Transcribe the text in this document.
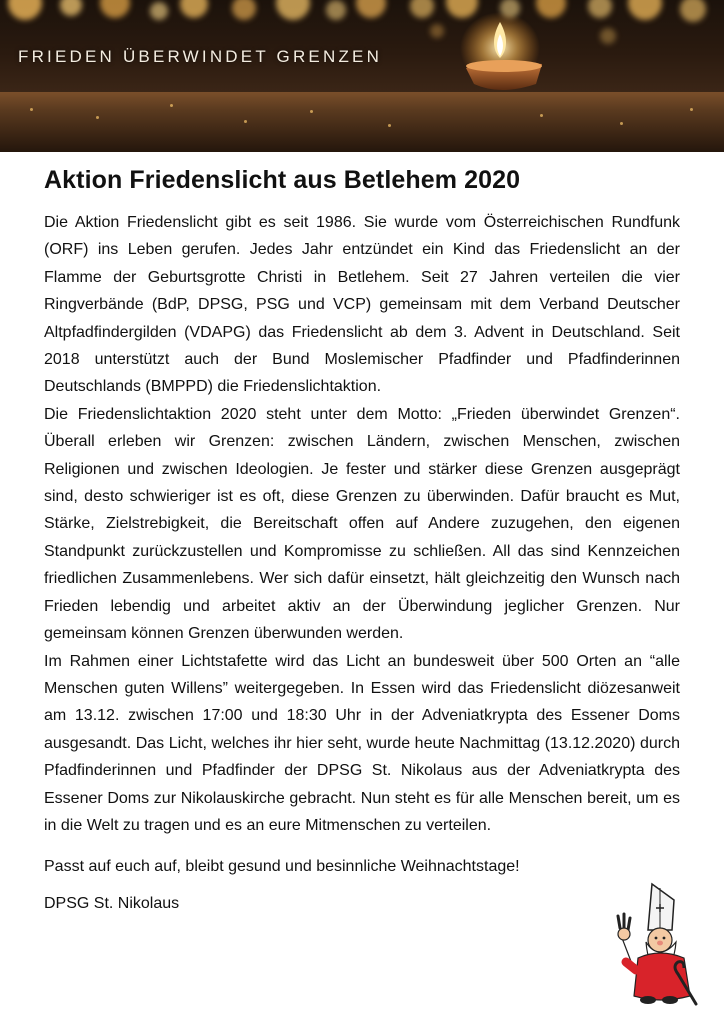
FRIEDEN ÜBERWINDET GRENZEN
Aktion Friedenslicht aus Betlehem 2020

Die Aktion Friedenslicht gibt es seit 1986. Sie wurde vom Österreichischen Rundfunk (ORF) ins Leben gerufen. Jedes Jahr entzündet ein Kind das Friedenslicht an der Flamme der Geburtsgrotte Christi in Betlehem. Seit 27 Jahren verteilen die vier Ringverbände (BdP, DPSG, PSG und VCP) gemeinsam mit dem Verband Deutscher Altpfadfindergilden (VDAPG) das Friedenslicht ab dem 3. Advent in Deutschland. Seit 2018 unterstützt auch der Bund Moslemischer Pfadfinder und Pfadfinderinnen Deutschlands (BMPPD) die Friedenslichtaktion.

Die Friedenslichtaktion 2020 steht unter dem Motto: „Frieden überwindet Grenzen“. Überall erleben wir Grenzen: zwischen Ländern, zwischen Menschen, zwischen Religionen und zwischen Ideologien. Je fester und stärker diese Grenzen ausgeprägt sind, desto schwieriger ist es oft, diese Grenzen zu überwinden. Dafür braucht es Mut, Stärke, Zielstrebigkeit, die Bereitschaft offen auf Andere zuzugehen, den eigenen Standpunkt zurückzustellen und Kompromisse zu schließen. All das sind Kennzeichen friedlichen Zusammenlebens. Wer sich dafür einsetzt, hält gleichzeitig den Wunsch nach Frieden lebendig und arbeitet aktiv an der Überwindung jeglicher Grenzen. Nur gemeinsam können Grenzen überwunden werden.

Im Rahmen einer Lichtstafette wird das Licht an bundesweit über 500 Orten an “alle Menschen guten Willens” weitergegeben. In Essen wird das Friedenslicht diözesanweit am 13.12. zwischen 17:00 und 18:30 Uhr in der Adveniatkrypta des Essener Doms ausgesandt. Das Licht, welches ihr hier seht, wurde heute Nachmittag (13.12.2020) durch Pfadfinderinnen und Pfadfinder der DPSG St. Nikolaus aus der Adveniatkrypta des Essener Doms zur Nikolauskirche gebracht. Nun steht es für alle Menschen bereit, um es in die Welt zu tragen und es an eure Mitmenschen zu verteilen.

Passt auf euch auf, bleibt gesund und besinnliche Weihnachtstage!

DPSG St. Nikolaus
